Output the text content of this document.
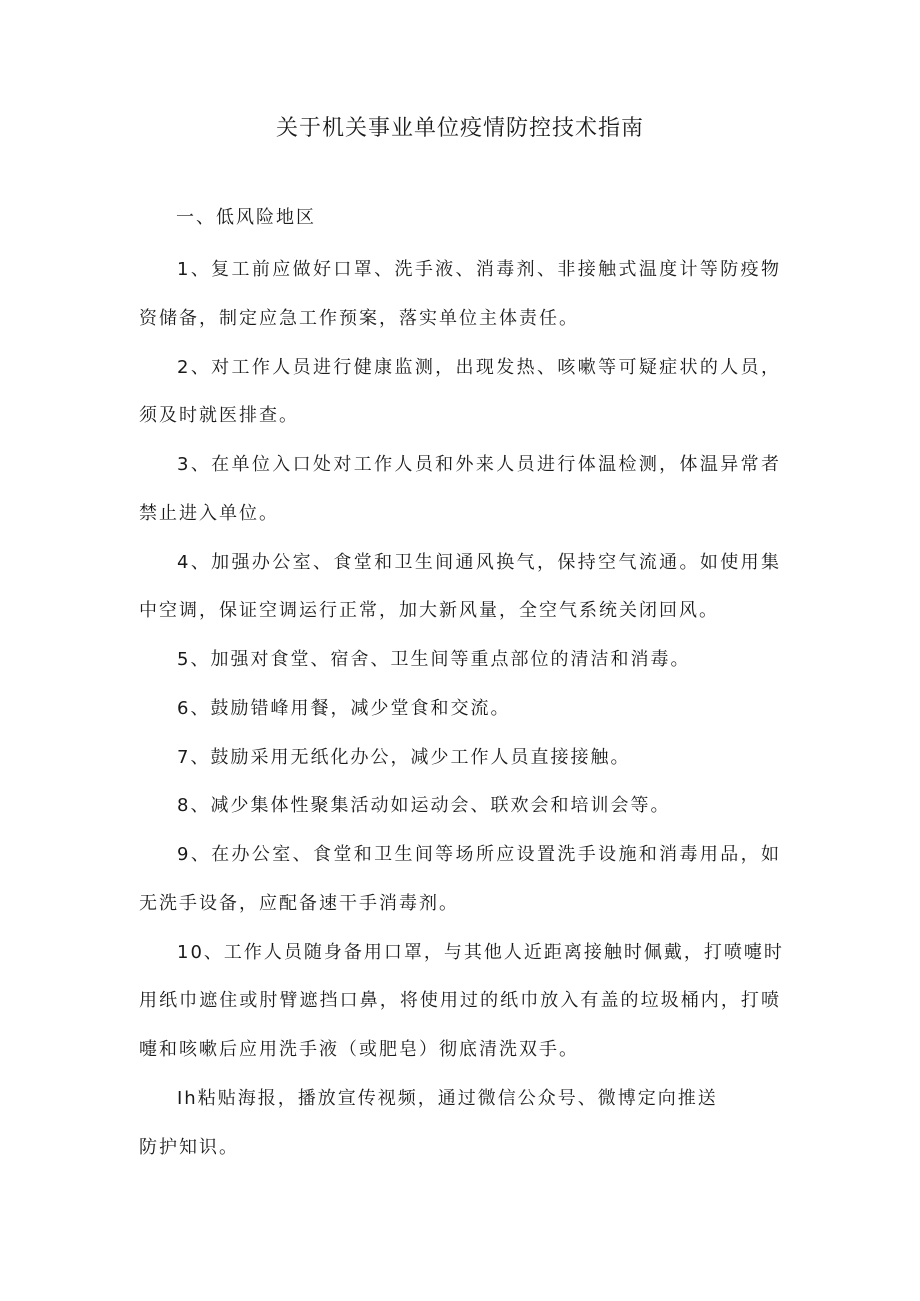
关于机关事业单位疫情防控技术指南
一、低风险地区
1、复工前应做好口罩、洗手液、消毒剂、非接触式温度计等防疫物
资储备，制定应急工作预案，落实单位主体责任。
2、对工作人员进行健康监测，出现发热、咳嗽等可疑症状的人员，
须及时就医排查。
3、在单位入口处对工作人员和外来人员进行体温检测，体温异常者
禁止进入单位。
4、加强办公室、食堂和卫生间通风换气，保持空气流通。如使用集
中空调，保证空调运行正常，加大新风量，全空气系统关闭回风。
5、加强对食堂、宿舍、卫生间等重点部位的清洁和消毒。
6、鼓励错峰用餐，减少堂食和交流。
7、鼓励采用无纸化办公，减少工作人员直接接触。
8、减少集体性聚集活动如运动会、联欢会和培训会等。
9、在办公室、食堂和卫生间等场所应设置洗手设施和消毒用品，如
无洗手设备，应配备速干手消毒剂。
10、工作人员随身备用口罩，与其他人近距离接触时佩戴，打喷嚏时
用纸巾遮住或肘臂遮挡口鼻，将使用过的纸巾放入有盖的垃圾桶内，打喷
嚏和咳嗽后应用洗手液（或肥皂）彻底清洗双手。
Ih粘贴海报，播放宣传视频，通过微信公众号、微博定向推送
防护知识。
